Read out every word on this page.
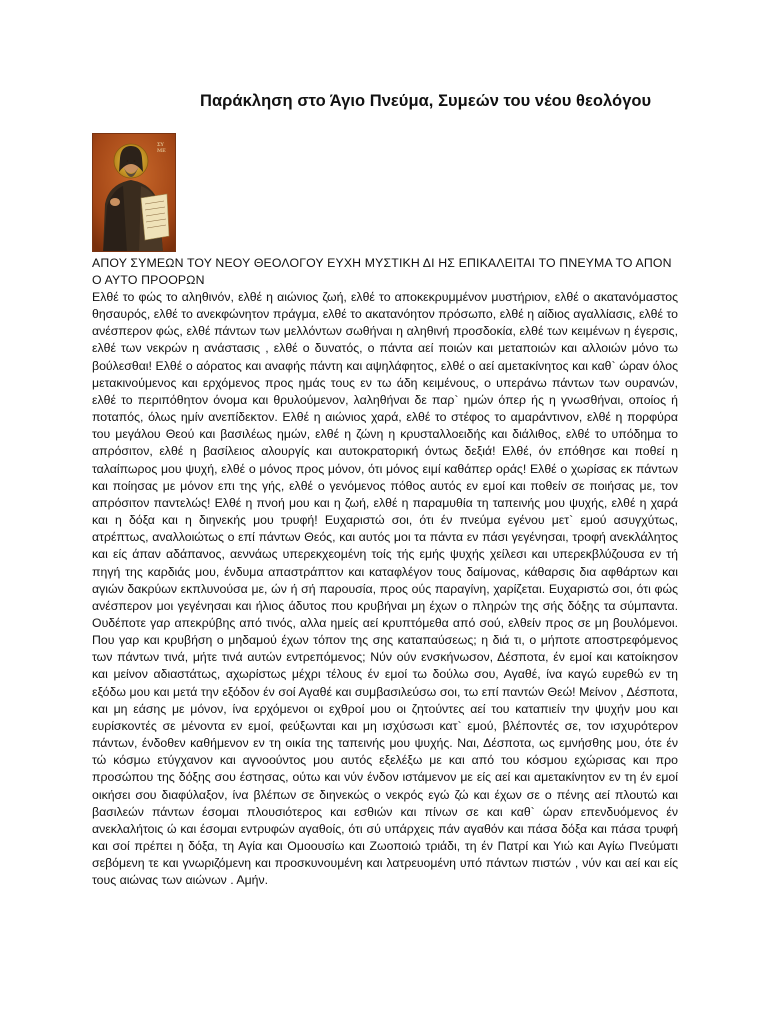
Παράκληση στο Άγιο Πνεύμα, Συμεών του νέου θεολόγου
ΣΥ
ΜΕ
ΑΠΟΥ ΣΥΜΕΩΝ ΤΟΥ ΝΕΟΥ ΘΕΟΛΟΓΟΥ ΕΥΧΗ ΜΥΣΤΙΚΗ ΔΙ ΗΣ ΕΠΙΚΑΛΕΙΤΑΙ ΤΟ ΠΝΕΥΜΑ ΤΟ ΑΠΟΝ Ο ΑΥΤΟ ΠΡΟΟΡΩΝ
Ελθέ το φώς το αληθινόν, ελθέ η αιώνιος ζωή, ελθέ το αποκεκρυμμένον μυστήριον, ελθέ ο ακατανόμαστος θησαυρός, ελθέ το ανεκφώνητον πράγμα, ελθέ το ακατανόητον πρόσωπο, ελθέ η αίδιος αγαλλίασις, ελθέ το ανέσπερον φώς, ελθέ πάντων των μελλόντων σωθήναι η αληθινή προσδοκία, ελθέ των κειμένων η έγερσις, ελθέ των νεκρών η ανάστασις , ελθέ ο δυνατός, ο πάντα αεί ποιών και μεταποιών και αλλοιών μόνο τω βούλεσθαι! Ελθέ ο αόρατος και αναφής πάντη και αψηλάφητος, ελθέ ο αεί αμετακίνητος και καθ` ώραν όλος μετακινούμενος και ερχόμενος προς ημάς τους εν τω άδη κειμένους, ο υπεράνω πάντων των ουρανών, ελθέ το περιπόθητον όνομα και θρυλούμενον, λαληθήναι δε παρ` ημών όπερ ής η γνωσθήναι, οποίος ή ποταπός, όλως ημίν ανεπίδεκτον. Ελθέ η αιώνιος χαρά, ελθέ το στέφος το αμαράντινον, ελθέ η πορφύρα του μεγάλου Θεού και βασιλέως ημών, ελθέ η ζώνη η κρυσταλλοειδής και διάλιθος, ελθέ το υπόδημα το απρόσιτον, ελθέ η βασίλειος αλουργίς και αυτοκρατορική όντως δεξιά! Ελθέ, όν επόθησε και ποθεί η ταλαίπωρος μου ψυχή, ελθέ ο μόνος προς μόνον, ότι μόνος ειμί καθάπερ οράς! Ελθέ ο χωρίσας εκ πάντων και ποίησας με μόνον επι της γής, ελθέ ο γενόμενος πόθος αυτός εν εμοί και ποθείν σε ποιήσας με, τον απρόσιτον παντελώς! Ελθέ η πνοή μου και η ζωή, ελθέ η παραμυθία τη ταπεινής μου ψυχής, ελθέ η χαρά και η δόξα και η διηνεκής μου τρυφή! Ευχαριστώ σοι, ότι έν πνεύμα εγένου μετ` εμού ασυγχύτως, ατρέπτως, αναλλοιώτως ο επί πάντων Θεός, και αυτός μοι τα πάντα εν πάσι γεγένησαι, τροφή ανεκλάλητος και είς άπαν αδάπανος, αεννάως υπερεκχεομένη τοίς τής εμής ψυχής χείλεσι και υπερεκβλύζουσα εν τή πηγή της καρδιάς μου, ένδυμα απαστράπτον και καταφλέγον τους δαίμονας, κάθαρσις δια αφθάρτων και αγιών δακρύων εκπλυνούσα με, ών ή σή παρουσία, προς ούς παραγίνη, χαρίζεται. Ευχαριστώ σοι, ότι φώς ανέσπερον μοι γεγένησαι και ήλιος άδυτος που κρυβήναι μη έχων ο πληρών της σής δόξης τα σύμπαντα. Ουδέποτε γαρ απεκρύβης από τινός, αλλα ημείς αεί κρυπτόμεθα από σού, ελθείν προς σε μη βουλόμενοι. Που γαρ και κρυβήση ο μηδαμού έχων τόπον της σης καταπαύσεως; η διά τι, ο μήποτε αποστρεφόμενος των πάντων τινά, μήτε τινά αυτών εντρεπόμενος; Νύν ούν ενσκήνωσον, Δέσποτα, έν εμοί και κατοίκησον και μείνον αδιαστάτως, αχωρίστως μέχρι τέλους έν εμοί τω δούλω σου, Αγαθέ, ίνα καγώ ευρεθώ εν τη εξόδω μου και μετά την εξόδον έν σοί Αγαθέ και συμβασιλεύσω σοι, τω επί παντών Θεώ! Μείνον , Δέσποτα, και μη εάσης με μόνον, ίνα ερχόμενοι οι εχθροί μου οι ζητούντες αεί του καταπιείν την ψυχήν μου και ευρίσκοντές σε μένοντα εν εμοί, φεύξωνται και μη ισχύσωσι κατ` εμού, βλέποντές σε, τον ισχυρότερον πάντων, ένδοθεν καθήμενον εν τη οικία της ταπεινής μου ψυχής. Ναι, Δέσποτα, ως εμνήσθης μου, ότε έν τώ κόσμω ετύγχανον και αγνοούντος μου αυτός εξελέξω με και από του κόσμου εχώρισας και προ προσώπου της δόξης σου έστησας, ούτω και νύν ένδον ιστάμενον με είς αεί και αμετακίνητον εν τη έν εμοί οικήσει σου διαφύλαξον, ίνα βλέπων σε διηνεκώς ο νεκρός εγώ ζώ και έχων σε ο πένης αεί πλουτώ και βασιλεών πάντων έσομαι πλουσιότερος και εσθιών και πίνων σε και καθ` ώραν επενδυόμενος έν ανεκλαλήτοις ώ και έσομαι εντρυφών αγαθοίς, ότι σύ υπάρχεις πάν αγαθόν και πάσα δόξα και πάσα τρυφή και σοί πρέπει η δόξα, τη Αγία και Ομοουσίω και Ζωοποιώ τριάδι, τη έν Πατρί και Υιώ και Αγίω Πνεύματι σεβόμενη τε και γνωριζόμενη και προσκυνουμένη και λατρευομένη υπό πάντων πιστών , νύν και αεί και είς τους αιώνας των αιώνων . Αμήν.
